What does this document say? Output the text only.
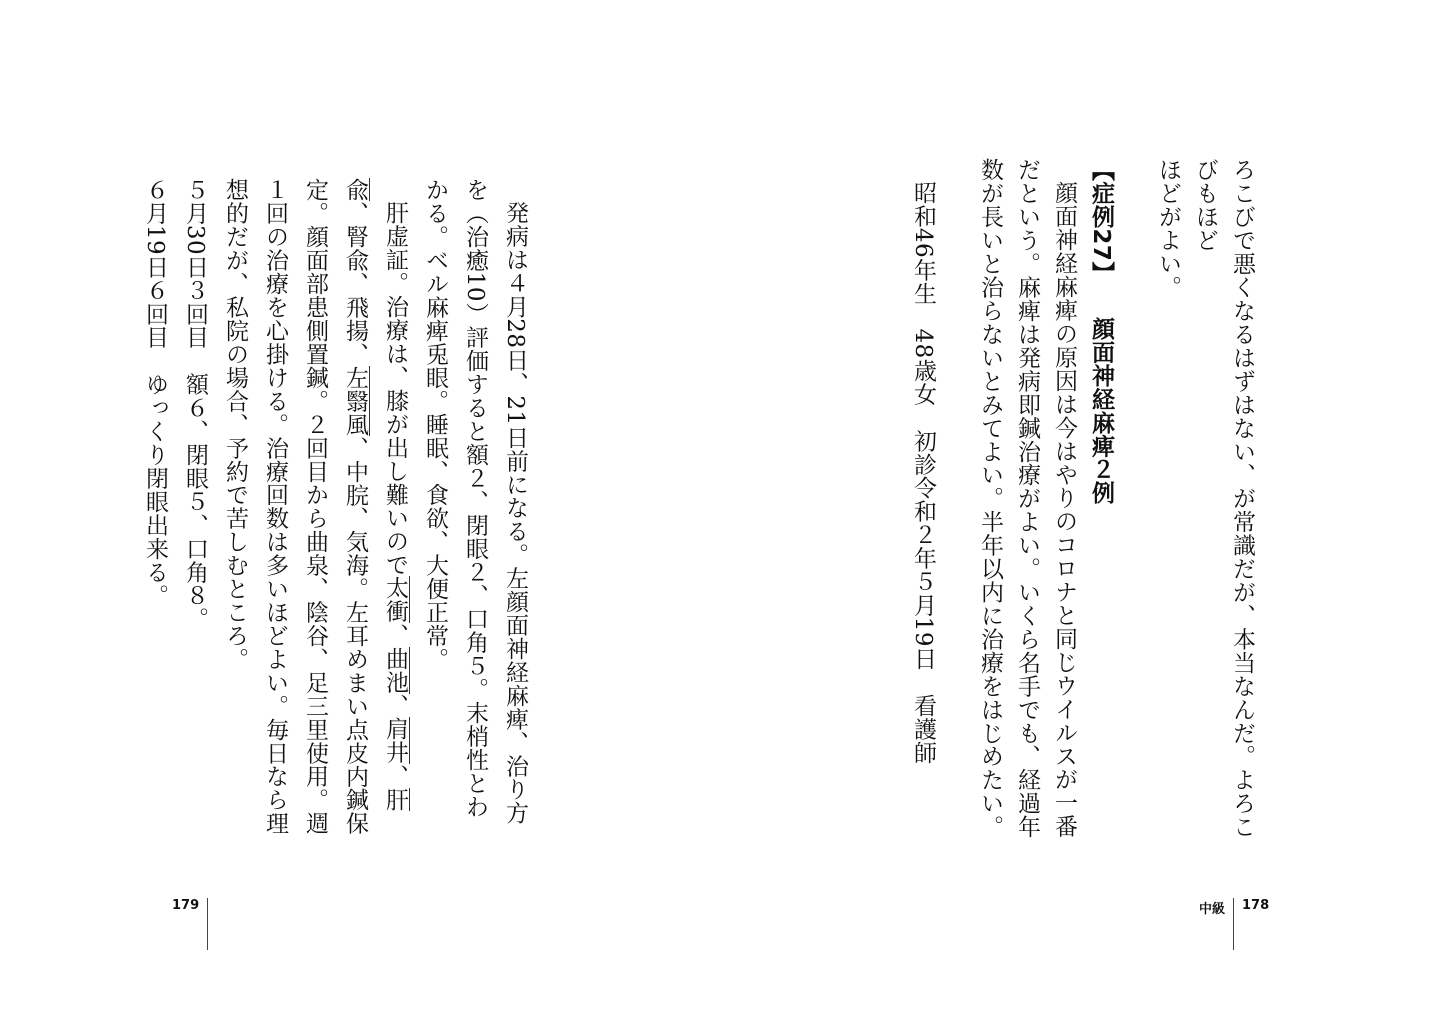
ろこびで悪くなるはずはない、が常識だが、本当なんだ。よろこびもほど

ほどがよい。

【症例27】 　顔面神経麻痺２例

顔面神経麻痺の原因は今はやりのコロナと同じウイルスが一番だという。麻痺は発病即鍼治療がよい。いくら名手でも、経過年数が長いと治らないとみてよい。半年以内に治療をはじめたい。

昭和46年生　48歳女　初診令和２年５月19日　看護師

発病は４月28日、21日前になる。左顔面神経麻痺、治り方を（治癒10）評価すると額２、閉眼２、口角５。末梢性とわかる。ベル麻痺兎眼。睡眠、食欲、大便正常。

肝虚証。治療は、膝が出し難いので太衝、曲池、肩井、肝兪、腎兪、飛揚、左翳風、中脘、気海。左耳めまい点皮内鍼保定。顔面部患側置鍼。２回目から曲泉、陰谷、足三里使用。週１回の治療を心掛ける。治療回数は多いほどよい。毎日なら理想的だが、私院の場合、予約で苦しむところ。

５月30日３回目　額６、閉眼５、口角８。

６月19日６回目　ゆっくり閉眼出来る。

中級 178
179
